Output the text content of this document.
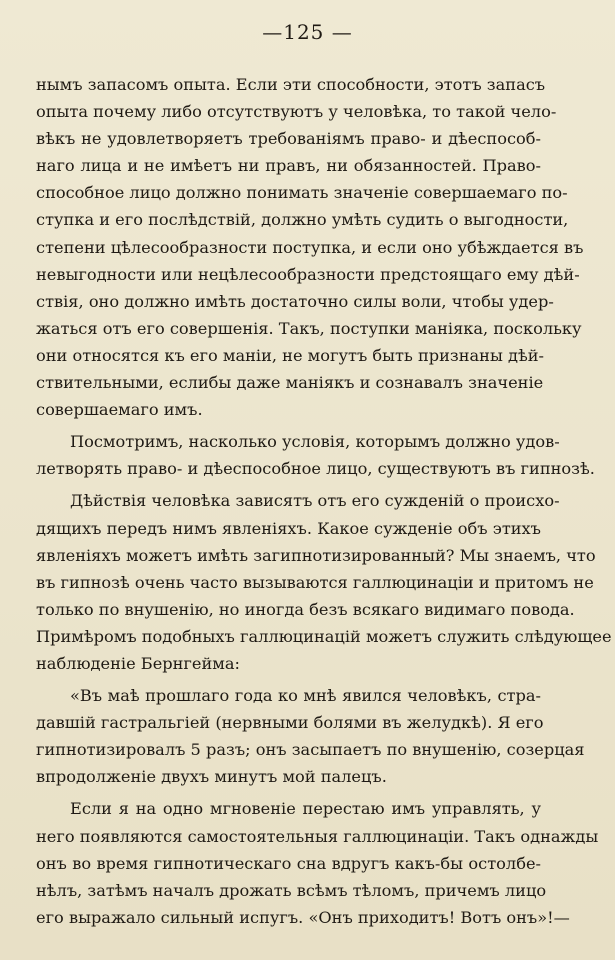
—125 —
нымъ запасомъ опыта. Если эти способности, этотъ запасъ
опыта почему либо отсутствуютъ у человѣка, то такой чело-
вѣкъ не удовлетворяетъ требованіямъ право- и дѣеспособ-
наго лица и не имѣетъ ни правъ, ни обязанностей. Право-
способное лицо должно понимать значеніе совершаемаго по-
ступка и его послѣдствій, должно умѣть судить о выгодности,
степени цѣлесообразности поступка, и если оно убѣждается въ
невыгодности или нецѣлесообразности предстоящаго ему дѣй-
ствія, оно должно имѣть достаточно силы воли, чтобы удер-
жаться отъ его совершенія. Такъ, поступки маніяка, поскольку
они относятся къ его маніи, не могутъ быть признаны дѣй-
ствительными, еслибы даже маніякъ и сознавалъ значеніе
совершаемаго имъ.
Посмотримъ, насколько условія, которымъ должно удов-
летворять право- и дѣеспособное лицо, существуютъ въ гипнозѣ.
Дѣйствія человѣка зависятъ отъ его сужденій о происхо-
дящихъ передъ нимъ явленіяхъ. Какое сужденіе объ этихъ
явленіяхъ можетъ имѣть загипнотизированный? Мы знаемъ, что
въ гипнозѣ очень часто вызываются галлюцинаціи и притомъ не
только по внушенію, но иногда безъ всякаго видимаго повода.
Примѣромъ подобныхъ галлюцинацій можетъ служить слѣдующее
наблюденіе Бернгейма:
«Въ маѣ прошлаго года ко мнѣ явился человѣкъ, стра-
давшій гастральгіей (нервными болями въ желудкѣ). Я его
гипнотизировалъ 5 разъ; онъ засыпаетъ по внушенію, созерцая
впродолженіе двухъ минутъ мой палецъ.
Если я на одно мгновеніе перестаю имъ управлять, у
него появляются самостоятельныя галлюцинаціи. Такъ однажды
онъ во время гипнотическаго сна вдругъ какъ-бы остолбе-
нѣлъ, затѣмъ началъ дрожать всѣмъ тѣломъ, причемъ лицо
его выражало сильный испугъ. «Онъ приходитъ! Вотъ онъ»!—
